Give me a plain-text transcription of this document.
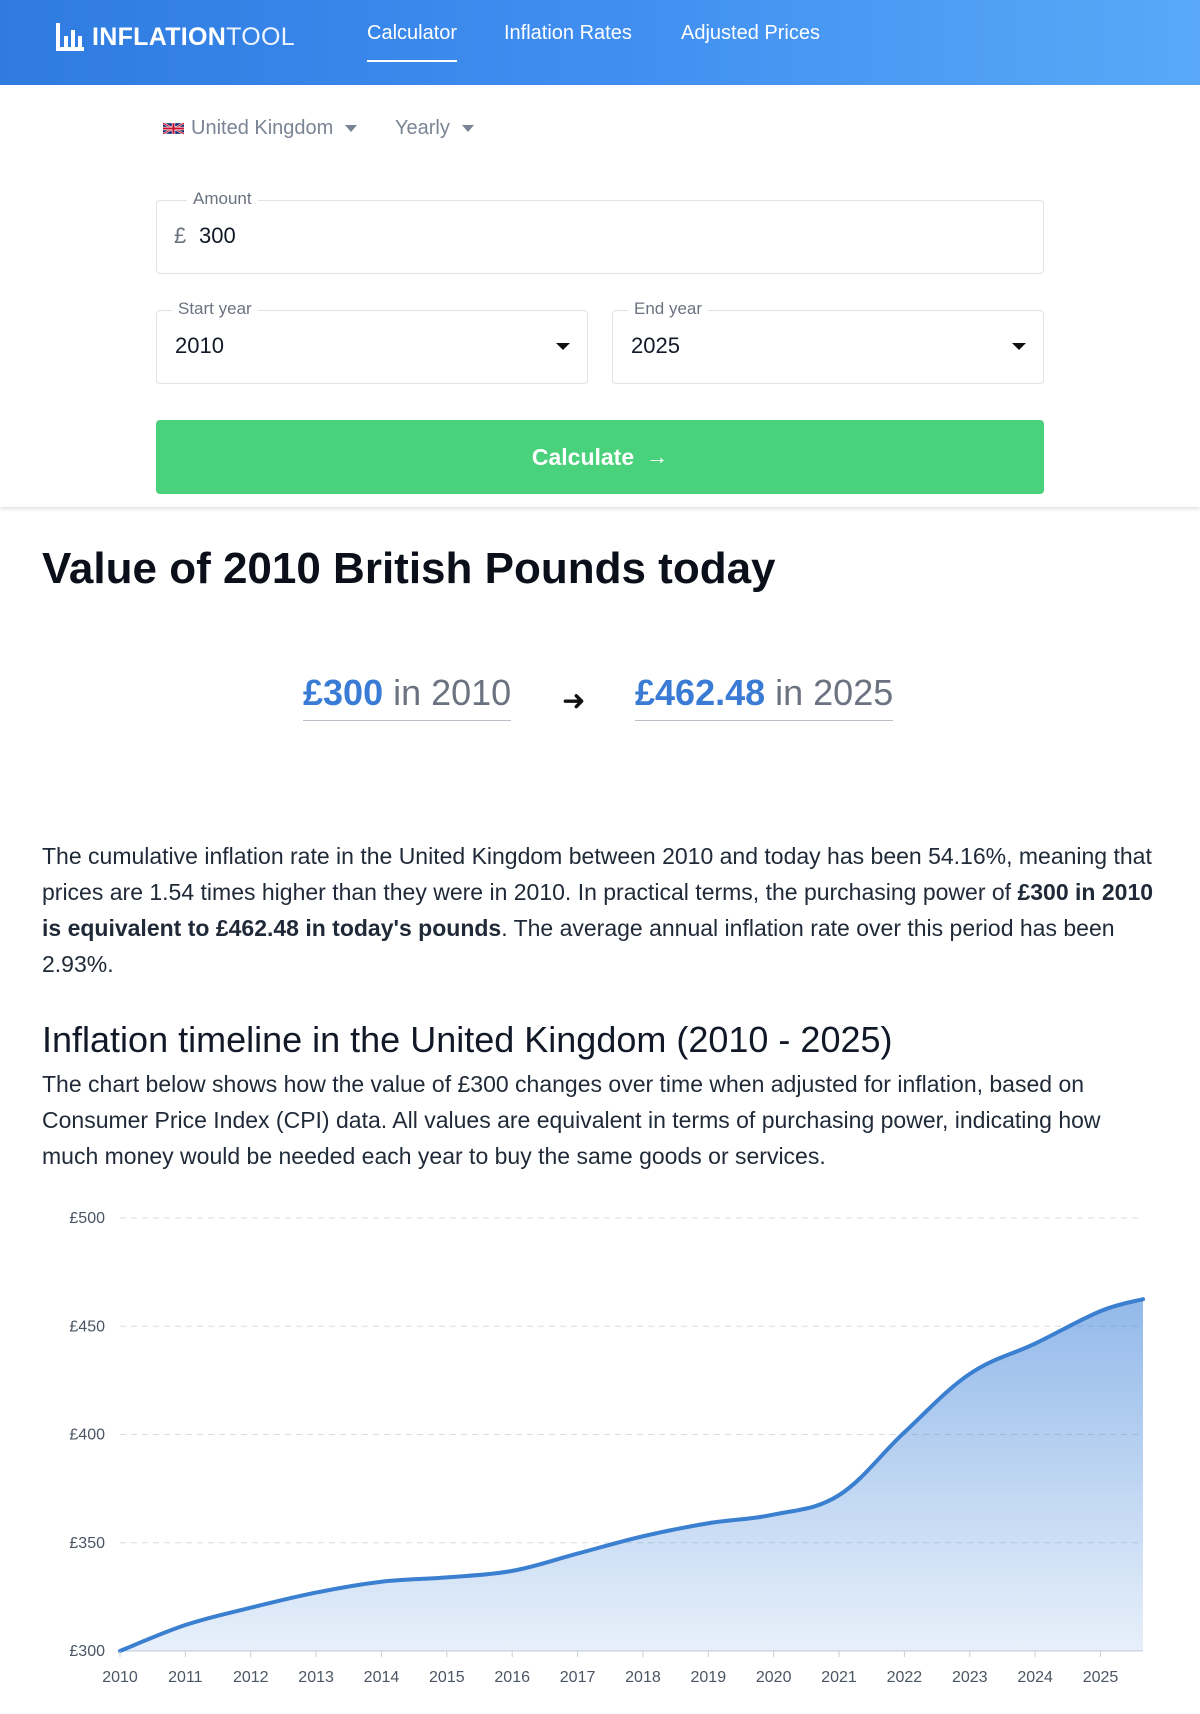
INFLATIONTOOL	Calculator Inflation Rates Adjusted Prices
United Kingdom	Yearly
Amount
£ 300
Start year
2010
End year
2025
Calculate →
Value of 2010 British Pounds today
£300 in 2010 ➜ £462.48 in 2025

The cumulative inflation rate in the United Kingdom between 2010 and today has been 54.16%, meaning that prices are 1.54 times higher than they were in 2010. In practical terms, the purchasing power of £300 in 2010 is equivalent to £462.48 in today's pounds. The average annual inflation rate over this period has been 2.93%.

Inflation timeline in the United Kingdom (2010 - 2025)

The chart below shows how the value of £300 changes over time when adjusted for inflation, based on Consumer Price Index (CPI) data. All values are equivalent in terms of purchasing power, indicating how much money would be needed each year to buy the same goods or services.

£300
£350
£400
£450
£500
2010 2011 2012 2013 2014 2015 2016 2017 2018 2019 2020 2021 2022 2023 2024 2025
